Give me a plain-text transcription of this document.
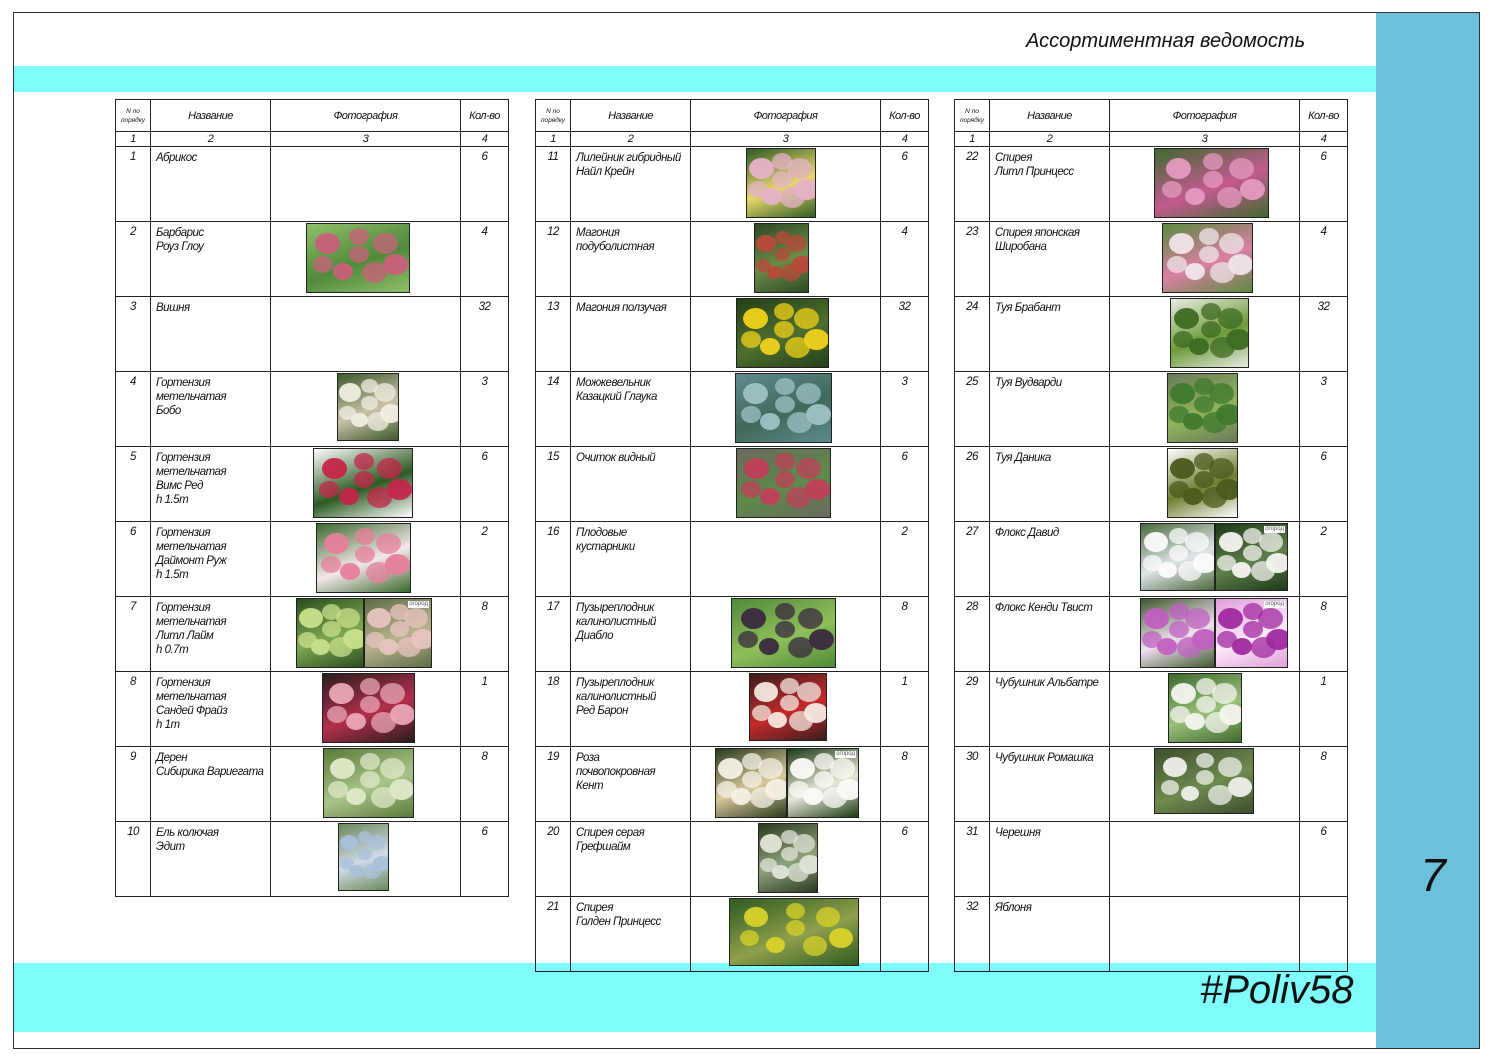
Ассортиментная ведомость
7
#Poliv58
N по порядку	Название	Фотография	Кол-во
1	2	3	4
1	Абрикос		6
2	Барбарис
Роуз Глоу		4
3	Вишня		32
4	Гортензия метельчатая
Бобо		3
5	Гортензия метельчатая
Вимс Ред
h 1.5m		6
6	Гортензия метельчатая
Даймонт Руж
h 1.5m		2
7	Гортензия метельчатая
Литл Лайм
h 0.7m	огород	8
8	Гортензия метельчатая
Сандей Фрайз
h 1m		1
9	Дерен
Сибирика Вариегата		8
10	Ель колючая
Эдит		6
N по порядку	Название	Фотография	Кол-во
1	2	3	4
11	Лилейник гибридный
Найл Крейн		6
12	Магония подуболистная		4
13	Магония ползучая		32
14	Можжевельник
Казацкий Глаука		3
15	Очиток видный		6
16	Плодовые кустарники		2
17	Пузыреплодник
калинолистный
Диабло		8
18	Пузыреплодник
калинолистный
Ред Барон		1
19	Роза
почвопокровная
Кент	огород	8
20	Спирея серая
Грефшайм		6
21	Спирея
Голден Принцесс	

N по порядку	Название	Фотография	Кол-во
1	2	3	4
22	Спирея
Литл Принцесс		6
23	Спирея японская
Широбана		4
24	Туя Брабант		32
25	Туя Вудварди		3
26	Туя Даника		6
27	Флокс Давид	огород	2
28	Флокс Кенди Твист	огород	8
29	Чубушник Альбатре		1
30	Чубушник Ромашка		8
31	Черешня		6
32	Яблоня		
